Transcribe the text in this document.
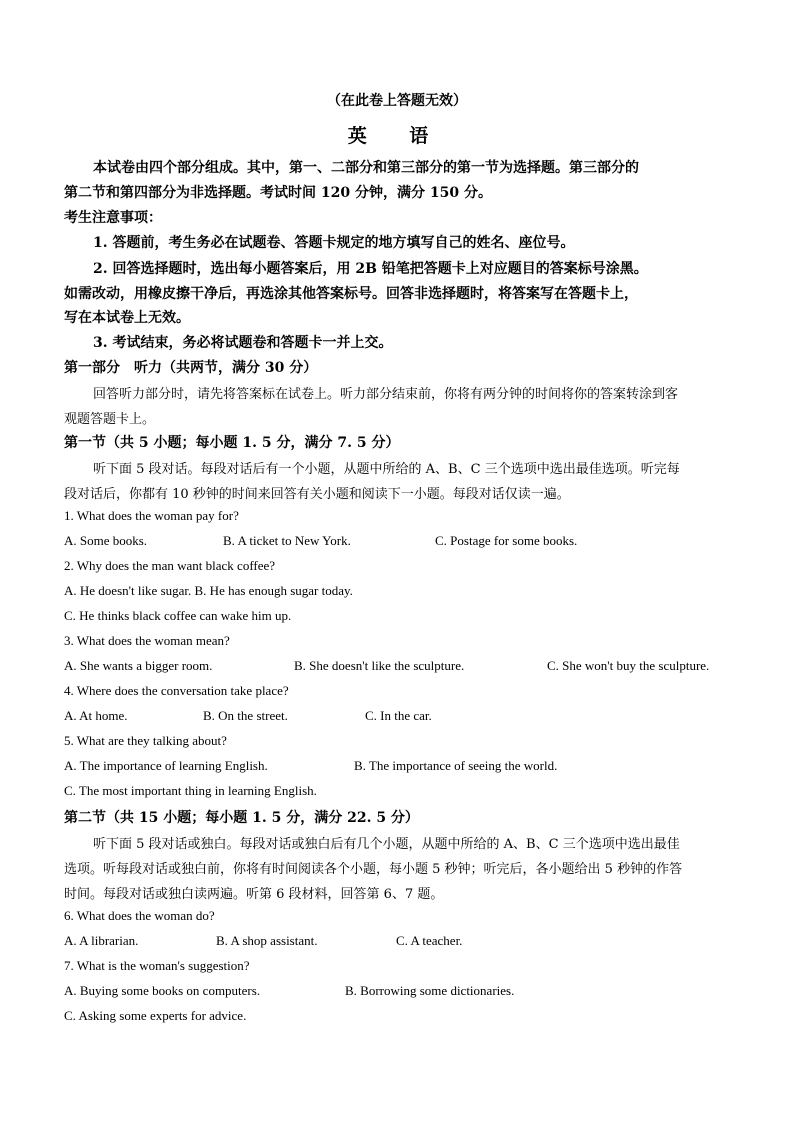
（在此卷上答题无效）
英 语
本试卷由四个部分组成。其中，第一、二部分和第三部分的第一节为选择题。第三部分的
第二节和第四部分为非选择题。考试时间 120 分钟，满分 150 分。
考生注意事项：
1. 答题前，考生务必在试题卷、答题卡规定的地方填写自己的姓名、座位号。
2. 回答选择题时，选出每小题答案后，用 2B 铅笔把答题卡上对应题目的答案标号涂黑。
如需改动，用橡皮擦干净后，再选涂其他答案标号。回答非选择题时，将答案写在答题卡上，
写在本试卷上无效。
3. 考试结束，务必将试题卷和答题卡一并上交。
第一部分　听力（共两节，满分 30 分）
回答听力部分时，请先将答案标在试卷上。听力部分结束前，你将有两分钟的时间将你的答案转涂到客
观题答题卡上。
第一节（共 5 小题；每小题 1. 5 分，满分 7. 5 分）
听下面 5 段对话。每段对话后有一个小题，从题中所给的 A、B、C 三个选项中选出最佳选项。听完每
段对话后，你都有 10 秒钟的时间来回答有关小题和阅读下一小题。每段对话仅读一遍。
1. What does the woman pay for?
A. Some books.	B. A ticket to New York.	C. Postage for some books.
2. Why does the man want black coffee?
A. He doesn't like sugar. B. He has enough sugar today.
C. He thinks black coffee can wake him up.
3. What does the woman mean?
A. She wants a bigger room.	B. She doesn't like the sculpture.	C. She won't buy the sculpture.
4. Where does the conversation take place?
A. At home.	B. On the street.	C. In the car.
5. What are they talking about?
A. The importance of learning English.	B. The importance of seeing the world.
C. The most important thing in learning English.
第二节（共 15 小题；每小题 1. 5 分，满分 22. 5 分）
听下面 5 段对话或独白。每段对话或独白后有几个小题，从题中所给的 A、B、C 三个选项中选出最佳
选项。听每段对话或独白前，你将有时间阅读各个小题，每小题 5 秒钟；听完后，各小题给出 5 秒钟的作答
时间。每段对话或独白读两遍。听第 6 段材料，回答第 6、7 题。
6. What does the woman do?
A. A librarian.	B. A shop assistant.	C. A teacher.
7. What is the woman's suggestion?
A. Buying some books on computers.	B. Borrowing some dictionaries.
C. Asking some experts for advice.
